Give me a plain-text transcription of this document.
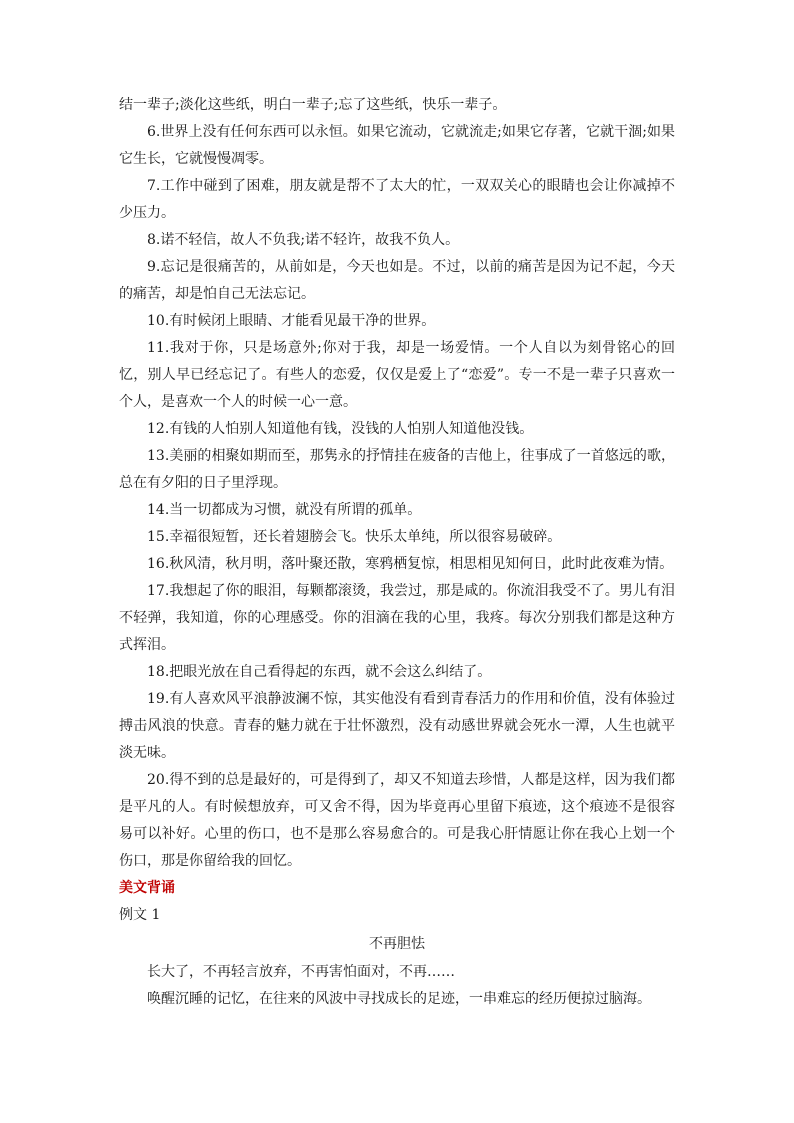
结一辈子;淡化这些纸，明白一辈子;忘了这些纸，快乐一辈子。

6.世界上没有任何东西可以永恒。如果它流动，它就流走;如果它存著，它就干涸;如果它生长，它就慢慢凋零。

7.工作中碰到了困难，朋友就是帮不了太大的忙，一双双关心的眼睛也会让你减掉不少压力。

8.诺不轻信，故人不负我;诺不轻许，故我不负人。

9.忘记是很痛苦的，从前如是，今天也如是。不过，以前的痛苦是因为记不起，今天的痛苦，却是怕自己无法忘记。

10.有时候闭上眼睛、才能看见最干净的世界。

11.我对于你，只是场意外;你对于我，却是一场爱情。一个人自以为刻骨铭心的回忆，别人早已经忘记了。有些人的恋爱，仅仅是爱上了“恋爱”。专一不是一辈子只喜欢一个人，是喜欢一个人的时候一心一意。

12.有钱的人怕别人知道他有钱，没钱的人怕别人知道他没钱。

13.美丽的相聚如期而至，那隽永的抒情挂在疲备的吉他上，往事成了一首悠远的歌，总在有夕阳的日子里浮现。

14.当一切都成为习惯，就没有所谓的孤单。

15.幸福很短暂，还长着翅膀会飞。快乐太单纯，所以很容易破碎。

16.秋风清，秋月明，落叶聚还散，寒鸦栖复惊，相思相见知何日，此时此夜难为情。

17.我想起了你的眼泪，每颗都滚烫，我尝过，那是咸的。你流泪我受不了。男儿有泪不轻弹，我知道，你的心理感受。你的泪滴在我的心里，我疼。每次分别我们都是这种方式挥泪。

18.把眼光放在自己看得起的东西，就不会这么纠结了。

19.有人喜欢风平浪静波澜不惊，其实他没有看到青春活力的作用和价值，没有体验过搏击风浪的快意。青春的魅力就在于壮怀激烈，没有动感世界就会死水一潭，人生也就平淡无味。

20.得不到的总是最好的，可是得到了，却又不知道去珍惜，人都是这样，因为我们都是平凡的人。有时候想放弃，可又舍不得，因为毕竟再心里留下痕迹，这个痕迹不是很容易可以补好。心里的伤口，也不是那么容易愈合的。可是我心肝情愿让你在我心上划一个伤口，那是你留给我的回忆。

美文背诵

例文 1

不再胆怯

长大了，不再轻言放弃，不再害怕面对，不再……

唤醒沉睡的记忆，在往来的风波中寻找成长的足迹，一串难忘的经历便掠过脑海。
